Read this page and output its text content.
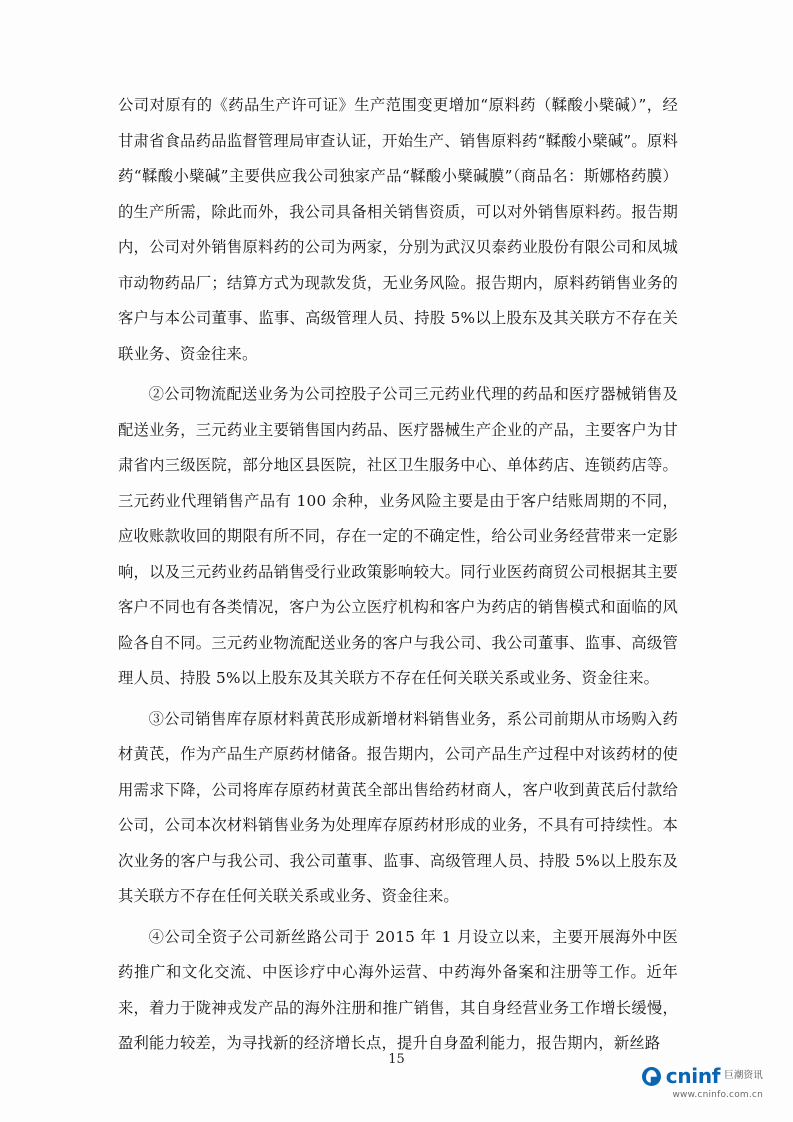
公司对原有的《药品生产许可证》生产范围变更增加“原料药（鞣酸小檗碱）”，经甘肃省食品药品监督管理局审查认证，开始生产、销售原料药“鞣酸小檗碱”。原料药“鞣酸小檗碱”主要供应我公司独家产品“鞣酸小檗碱膜”（商品名：斯娜格药膜）的生产所需，除此而外，我公司具备相关销售资质，可以对外销售原料药。报告期内，公司对外销售原料药的公司为两家，分别为武汉贝泰药业股份有限公司和凤城市动物药品厂；结算方式为现款发货，无业务风险。报告期内，原料药销售业务的客户与本公司董事、监事、高级管理人员、持股 5%以上股东及其关联方不存在关联业务、资金往来。

②公司物流配送业务为公司控股子公司三元药业代理的药品和医疗器械销售及配送业务，三元药业主要销售国内药品、医疗器械生产企业的产品，主要客户为甘肃省内三级医院，部分地区县医院，社区卫生服务中心、单体药店、连锁药店等。三元药业代理销售产品有 100 余种，业务风险主要是由于客户结账周期的不同，应收账款收回的期限有所不同，存在一定的不确定性，给公司业务经营带来一定影响，以及三元药业药品销售受行业政策影响较大。同行业医药商贸公司根据其主要客户不同也有各类情况，客户为公立医疗机构和客户为药店的销售模式和面临的风险各自不同。三元药业物流配送业务的客户与我公司、我公司董事、监事、高级管理人员、持股 5%以上股东及其关联方不存在任何关联关系或业务、资金往来。

③公司销售库存原材料黄芪形成新增材料销售业务，系公司前期从市场购入药材黄芪，作为产品生产原药材储备。报告期内，公司产品生产过程中对该药材的使用需求下降，公司将库存原药材黄芪全部出售给药材商人，客户收到黄芪后付款给公司，公司本次材料销售业务为处理库存原药材形成的业务，不具有可持续性。本次业务的客户与我公司、我公司董事、监事、高级管理人员、持股 5%以上股东及其关联方不存在任何关联关系或业务、资金往来。

④公司全资子公司新丝路公司于 2015 年 1 月设立以来，主要开展海外中医药推广和文化交流、中医诊疗中心海外运营、中药海外备案和注册等工作。近年来，着力于陇神戎发产品的海外注册和推广销售，其自身经营业务工作增长缓慢，盈利能力较差，为寻找新的经济增长点，提升自身盈利能力，报告期内，新丝路

15
cninf 巨潮资讯
www.cninfo.com.cn
